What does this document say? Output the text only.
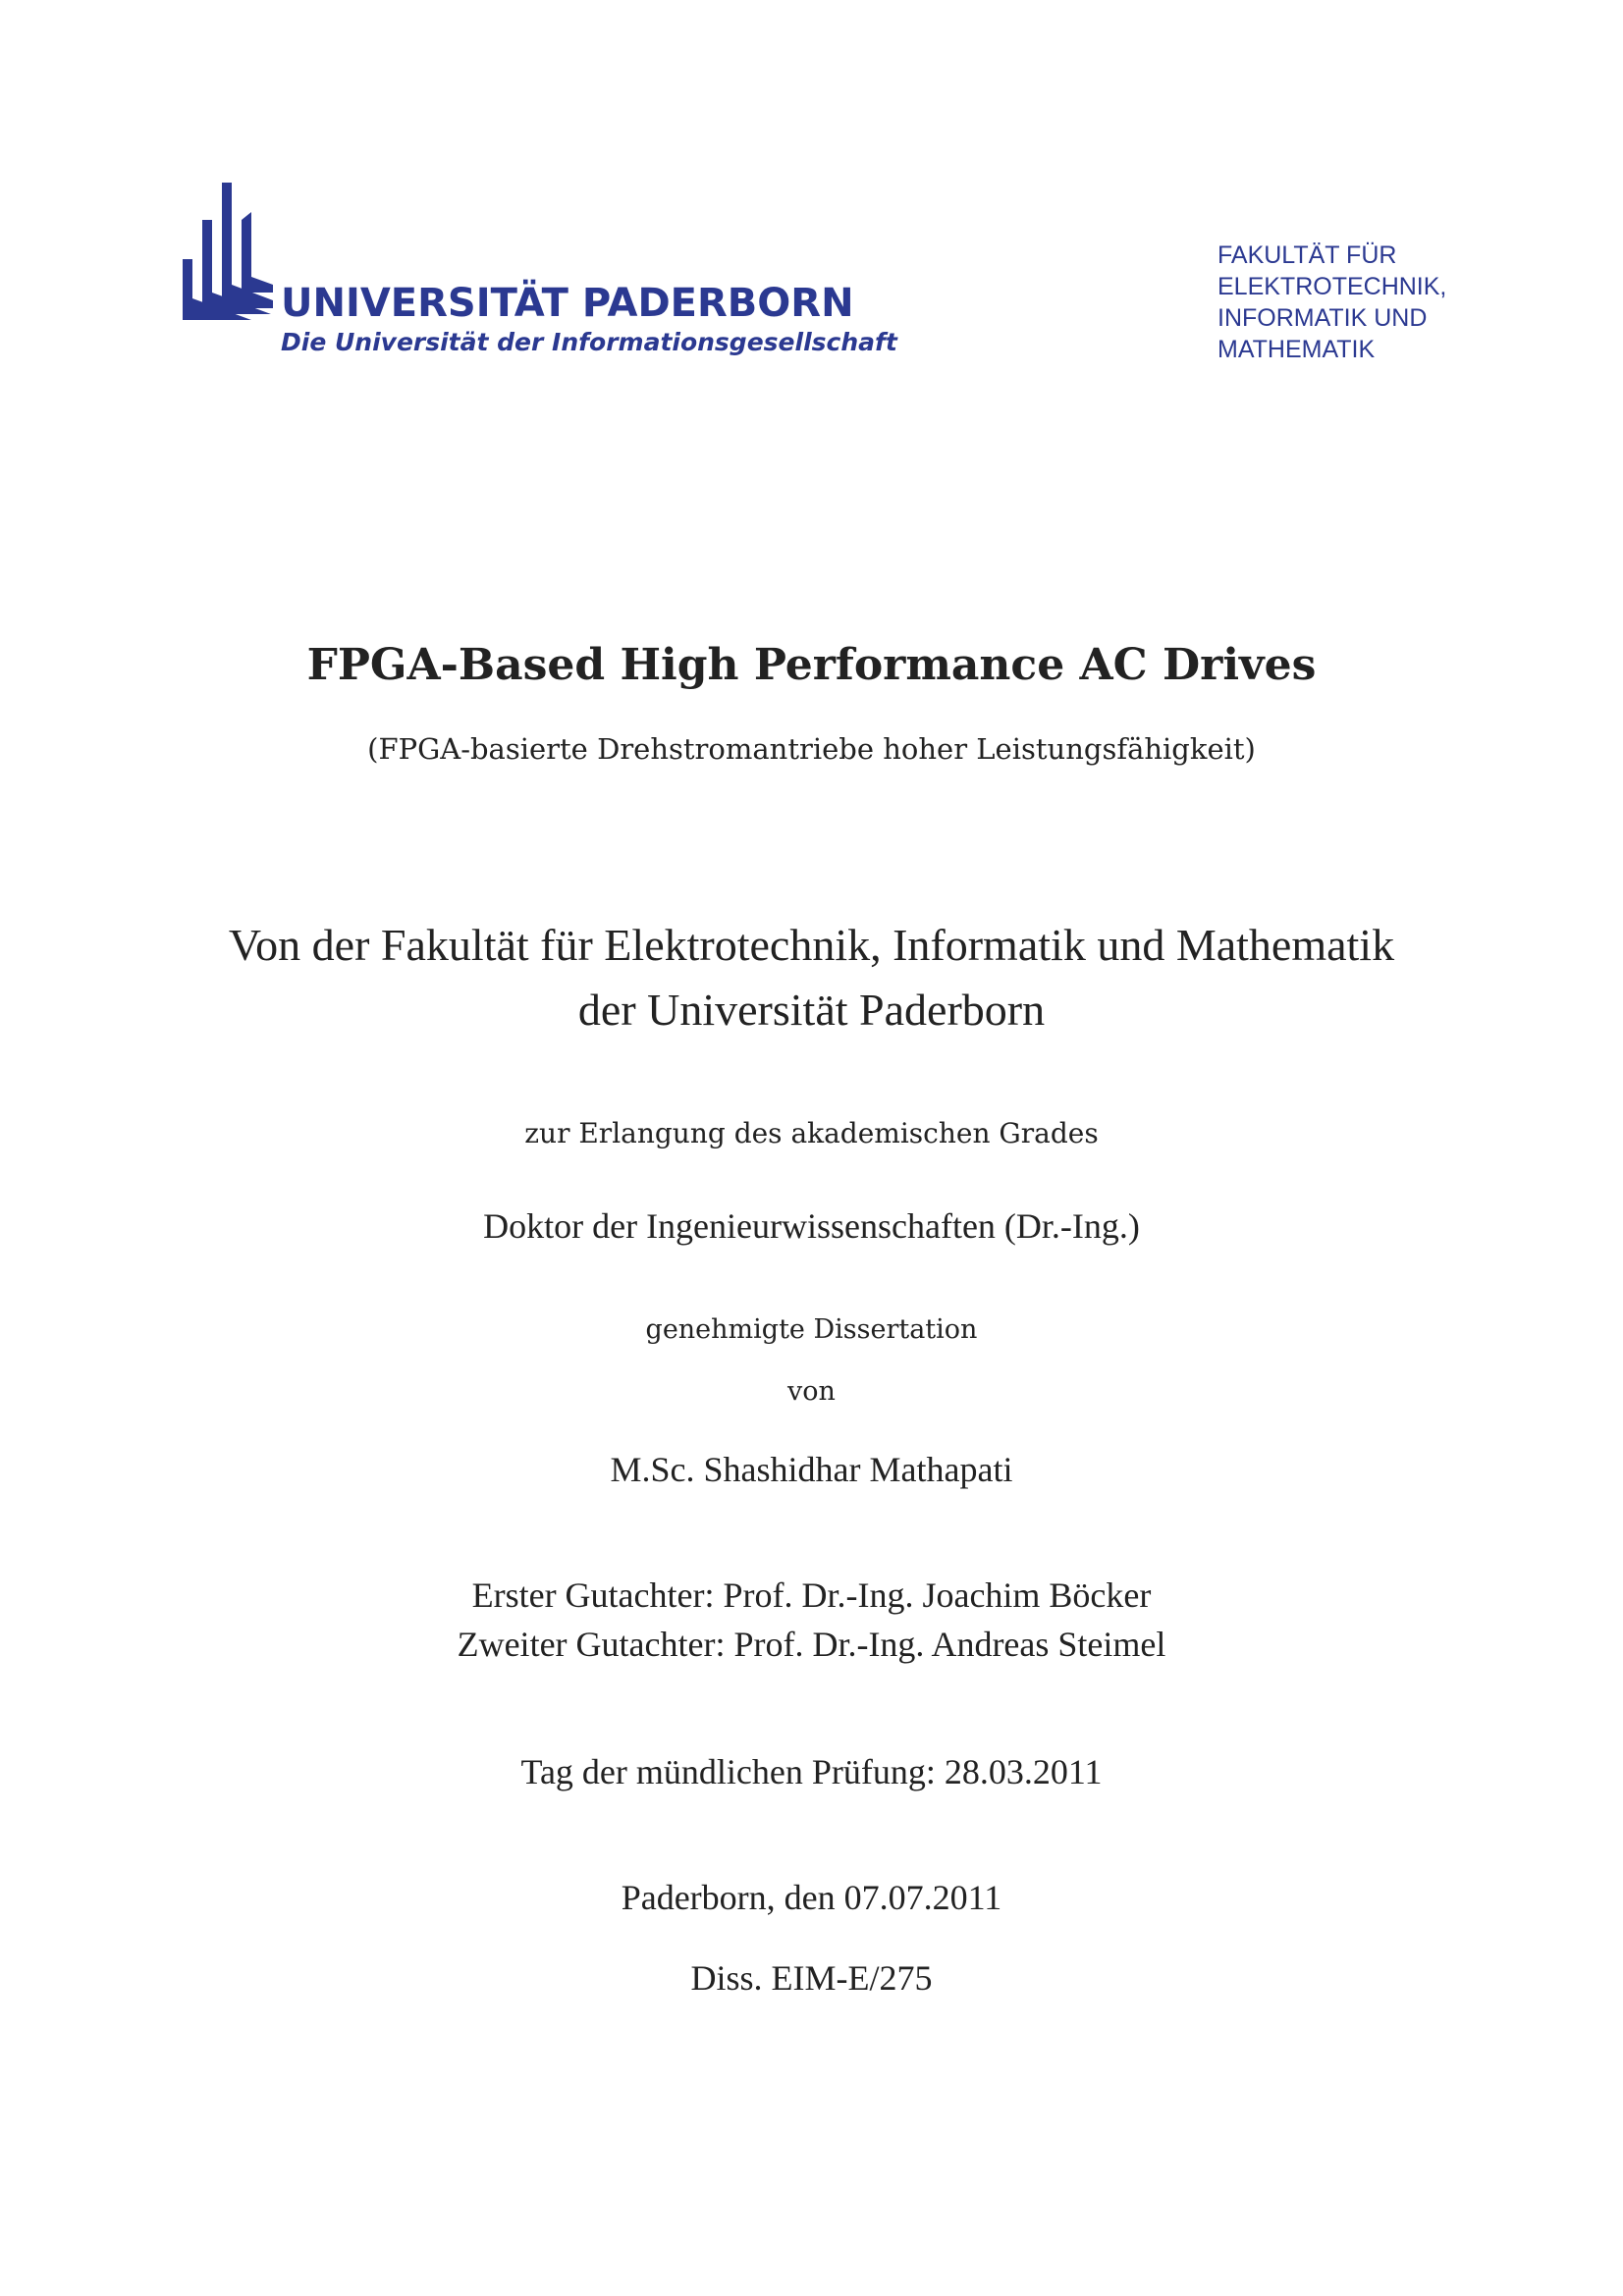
UNIVERSITÄT PADERBORN
Die Universität der Informationsgesellschaft
FAKULTÄT FÜR
ELEKTROTECHNIK,
INFORMATIK UND
MATHEMATIK
FPGA-Based High Performance AC Drives
(FPGA-basierte Drehstromantriebe hoher Leistungsfähigkeit)
Von der Fakultät für Elektrotechnik, Informatik und Mathematik
der Universität Paderborn
zur Erlangung des akademischen Grades
Doktor der Ingenieurwissenschaften (Dr.-Ing.)
genehmigte Dissertation
von
M.Sc. Shashidhar Mathapati
Erster Gutachter: Prof. Dr.-Ing. Joachim Böcker
Zweiter Gutachter: Prof. Dr.-Ing. Andreas Steimel
Tag der mündlichen Prüfung: 28.03.2011
Paderborn, den 07.07.2011
Diss. EIM-E/275
